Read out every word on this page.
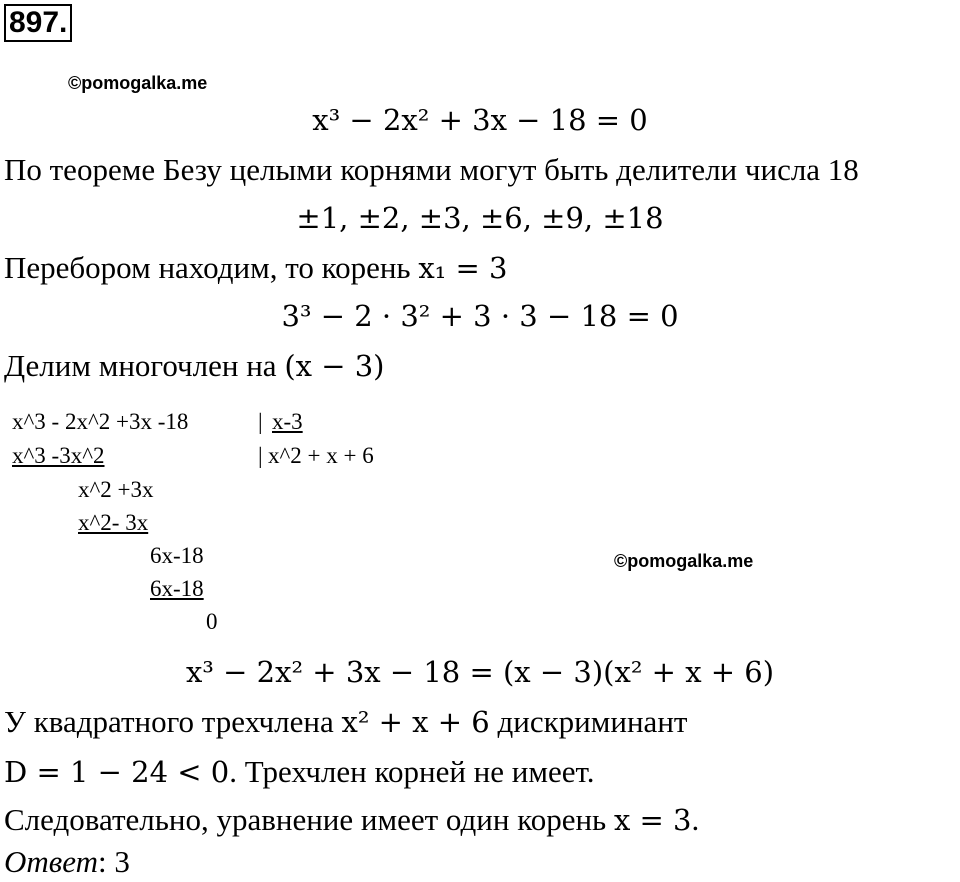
897.
©pomogalka.me
x³ − 2x² + 3x − 18 = 0
По теореме Безу целыми корнями могут быть делители числа 18
±1, ±2, ±3, ±6, ±9, ±18
Перебором находим, то корень x₁ = 3
3³ − 2 · 3² + 3 · 3 − 18 = 0
Делим многочлен на (x − 3)
x^3 - 2x^2 +3x -18	| x-3
x^3 -3x^2	| x^2 + x + 6
x^2 +3x
x^2- 3x
6x-18
6x-18
0
©pomogalka.me
x³ − 2x² + 3x − 18 = (x − 3)(x² + x + 6)
У квадратного трехчлена x² + x + 6 дискриминант
D = 1 − 24 < 0. Трехчлен корней не имеет.
Следовательно, уравнение имеет один корень x = 3.
Ответ: 3
